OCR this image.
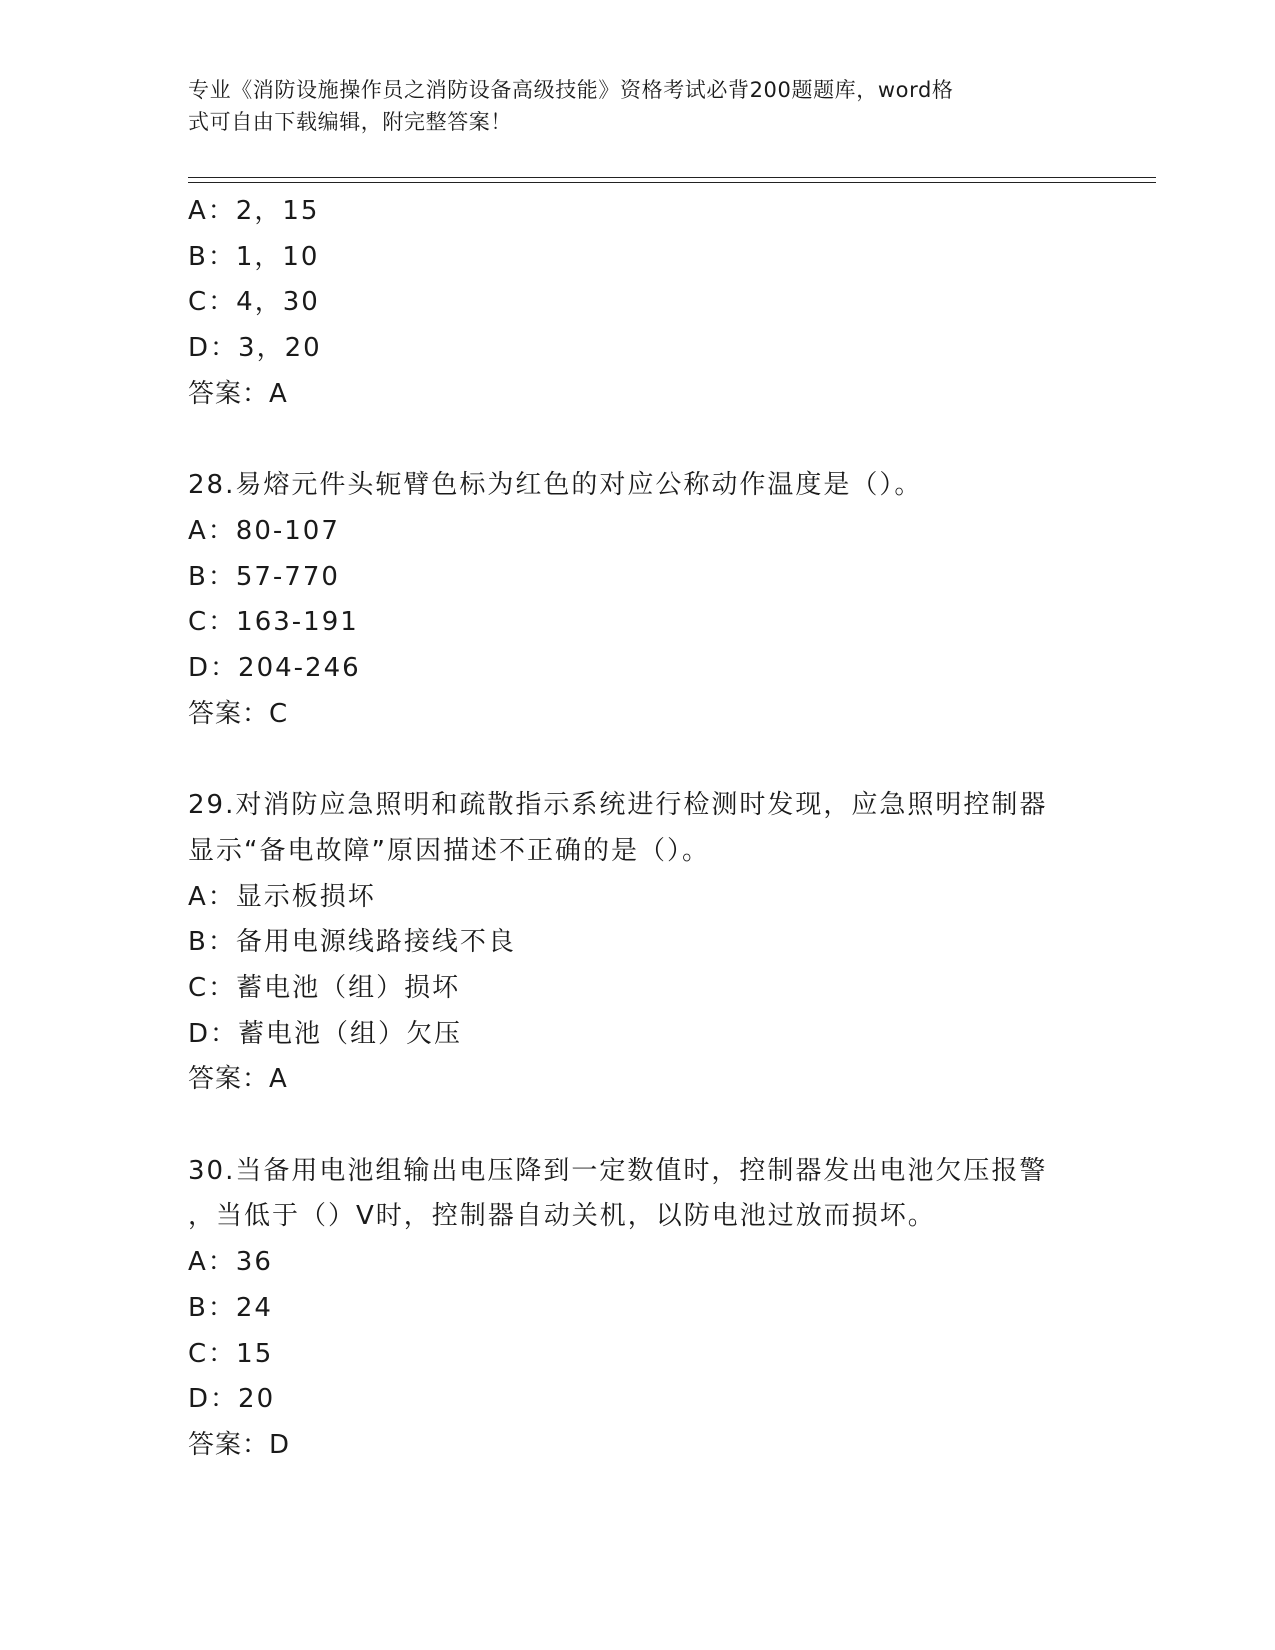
专业《消防设施操作员之消防设备高级技能》资格考试必背200题题库，word格
式可自由下载编辑，附完整答案！
A：2，15
B：1，10
C：4，30
D：3，20
答案：A
28.易熔元件头轭臂色标为红色的对应公称动作温度是（）。
A：80-107
B：57-770
C：163-191
D：204-246
答案：C
29.对消防应急照明和疏散指示系统进行检测时发现，应急照明控制器
显示“备电故障”原因描述不正确的是（）。
A：显示板损坏
B：备用电源线路接线不良
C：蓄电池（组）损坏
D：蓄电池（组）欠压
答案：A
30.当备用电池组输出电压降到一定数值时，控制器发出电池欠压报警
，当低于（）V时，控制器自动关机，以防电池过放而损坏。
A：36
B：24
C：15
D：20
答案：D
